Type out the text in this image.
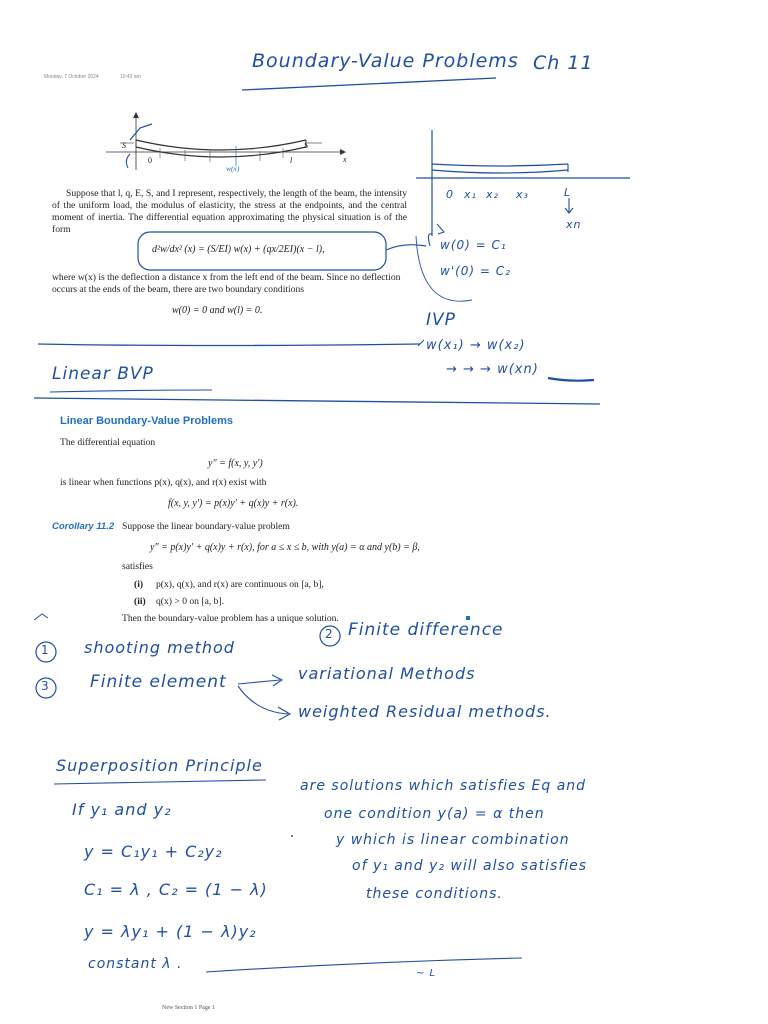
Monday, 7 October 2024	10:43 am
Boundary-Value Problems Ch 11
S	S
0	l	x
w(x)
Suppose that l, q, E, S, and I represent, respectively, the length of the beam, the intensity of the uniform load, the modulus of elasticity, the stress at the endpoints, and the central moment of inertia. The differential equation approximating the physical situation is of the form
d²w/dx² (x) = (S/EI) w(x) + (qx/2EI)(x − l),
where w(x) is the deflection a distance x from the left end of the beam. Since no deflection occurs at the ends of the beam, there are two boundary conditions
w(0) = 0 and w(l) = 0.
0 x₁ x₂ x₃	L
xn
w(0) = C₁
w'(0) = C₂
IVP
w(x₁) → w(x₂)
→ → → w(xn)
Linear BVP
Linear Boundary-Value Problems
The differential equation
y″ = f(x, y, y′)
is linear when functions p(x), q(x), and r(x) exist with
f(x, y, y′) = p(x)y′ + q(x)y + r(x).
Corollary 11.2 Suppose the linear boundary-value problem
y″ = p(x)y′ + q(x)y + r(x), for a ≤ x ≤ b, with y(a) = α and y(b) = β,
satisfies
(i) p(x), q(x), and r(x) are continuous on [a, b],
(ii) q(x) > 0 on [a, b].
Then the boundary-value problem has a unique solution.
1 shooting method
2 Finite difference
3 Finite element	variational Methods
weighted Residual methods.
Superposition Principle
If y₁ and y₂
are solutions which satisfies Eq and
one condition y(a) = α then
y = C₁y₁ + C₂y₂
y which is linear combination
of y₁ and y₂ will also satisfies
C₁ = λ , C₂ = (1 − λ)	these conditions.
y = λy₁ + (1 − λ)y₂
constant λ .
~ L
New Section 1 Page 1
